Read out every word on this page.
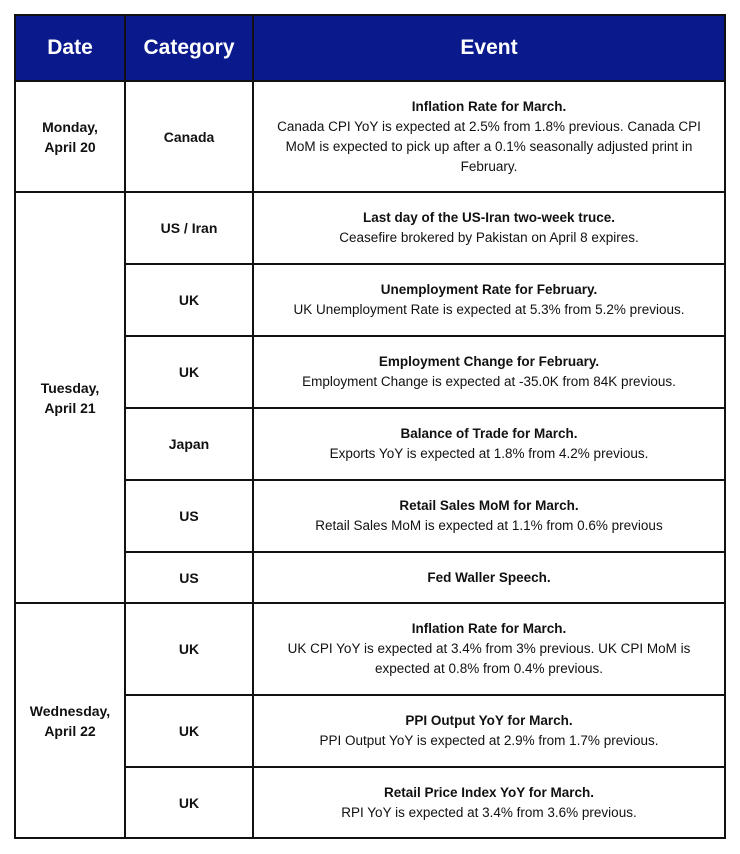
Date	Category	Event

Monday,
April 20	Canada	Inflation Rate for March.
Canada CPI YoY is expected at 2.5% from 1.8% previous. Canada CPI MoM is expected to pick up after a 0.1% seasonally adjusted print in February.

Tuesday,
April 21	US / Iran	Last day of the US-Iran two-week truce.
Ceasefire brokered by Pakistan on April 8 expires.

	UK	Unemployment Rate for February.
UK Unemployment Rate is expected at 5.3% from 5.2% previous.

	UK	Employment Change for February.
Employment Change is expected at -35.0K from 84K previous.

	Japan	Balance of Trade for March.
Exports YoY is expected at 1.8% from 4.2% previous.

	US	Retail Sales MoM for March.
Retail Sales MoM is expected at 1.1% from 0.6% previous

	US	Fed Waller Speech.

Wednesday,
April 22	UK	Inflation Rate for March.
UK CPI YoY is expected at 3.4% from 3% previous. UK CPI MoM is expected at 0.8% from 0.4% previous.

	UK	PPI Output YoY for March.
PPI Output YoY is expected at 2.9% from 1.7% previous.

	UK	Retail Price Index YoY for March.
RPI YoY is expected at 3.4% from 3.6% previous.
